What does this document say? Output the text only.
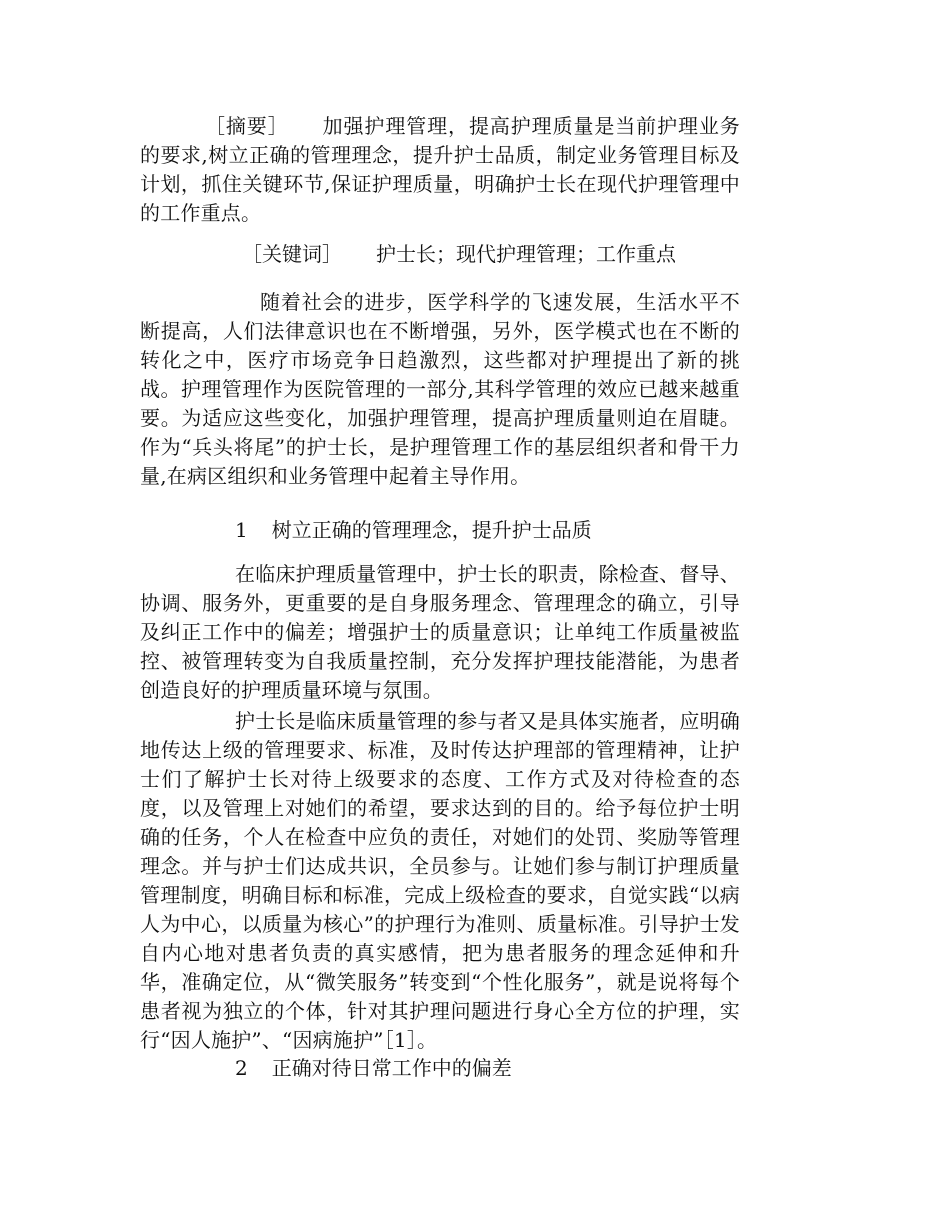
［摘要］ 加强护理管理，提高护理质量是当前护理业务的要求,树立正确的管理理念，提升护士品质，制定业务管理目标及计划，抓住关键环节,保证护理质量，明确护士长在现代护理管理中的工作重点。
［关键词］ 护士长；现代护理管理；工作重点
随着社会的进步，医学科学的飞速发展，生活水平不断提高，人们法律意识也在不断增强，另外，医学模式也在不断的转化之中，医疗市场竞争日趋激烈，这些都对护理提出了新的挑战。护理管理作为医院管理的一部分,其科学管理的效应已越来越重要。为适应这些变化，加强护理管理，提高护理质量则迫在眉睫。作为“兵头将尾”的护士长，是护理管理工作的基层组织者和骨干力量,在病区组织和业务管理中起着主导作用。
1 树立正确的管理理念，提升护士品质
在临床护理质量管理中，护士长的职责，除检查、督导、协调、服务外，更重要的是自身服务理念、管理理念的确立，引导及纠正工作中的偏差；增强护士的质量意识；让单纯工作质量被监控、被管理转变为自我质量控制，充分发挥护理技能潜能，为患者创造良好的护理质量环境与氛围。
护士长是临床质量管理的参与者又是具体实施者，应明确地传达上级的管理要求、标准，及时传达护理部的管理精神，让护士们了解护士长对待上级要求的态度、工作方式及对待检查的态度，以及管理上对她们的希望，要求达到的目的。给予每位护士明确的任务，个人在检查中应负的责任，对她们的处罚、奖励等管理理念。并与护士们达成共识，全员参与。让她们参与制订护理质量管理制度，明确目标和标准，完成上级检查的要求，自觉实践“以病人为中心，以质量为核心”的护理行为准则、质量标准。引导护士发自内心地对患者负责的真实感情，把为患者服务的理念延伸和升华，准确定位，从“微笑服务”转变到“个性化服务”，就是说将每个患者视为独立的个体，针对其护理问题进行身心全方位的护理，实行“因人施护”、“因病施护”［1］。
2 正确对待日常工作中的偏差
